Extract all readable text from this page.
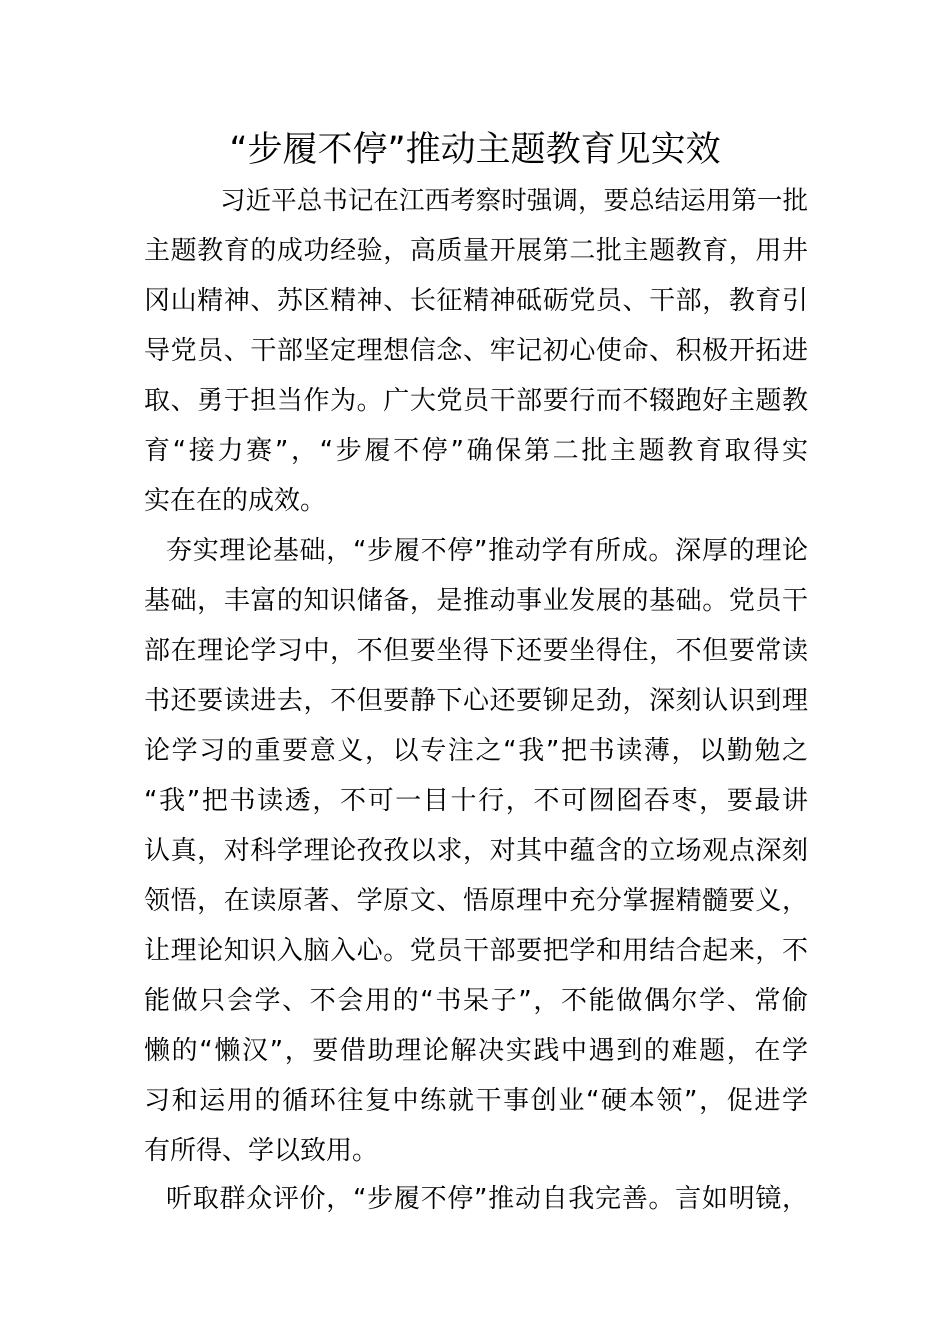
“步履不停”推动主题教育见实效
习近平总书记在江西考察时强调，要总结运用第一批
主题教育的成功经验，高质量开展第二批主题教育，用井
冈山精神、苏区精神、长征精神砥砺党员、干部，教育引
导党员、干部坚定理想信念、牢记初心使命、积极开拓进
取、勇于担当作为。广大党员干部要行而不辍跑好主题教
育“接力赛”，“步履不停”确保第二批主题教育取得实
实在在的成效。
夯实理论基础，“步履不停”推动学有所成。深厚的理论
基础，丰富的知识储备，是推动事业发展的基础。党员干
部在理论学习中，不但要坐得下还要坐得住，不但要常读
书还要读进去，不但要静下心还要铆足劲，深刻认识到理
论学习的重要意义，以专注之“我”把书读薄，以勤勉之
“我”把书读透，不可一目十行，不可囫囵吞枣，要最讲
认真，对科学理论孜孜以求，对其中蕴含的立场观点深刻
领悟，在读原著、学原文、悟原理中充分掌握精髓要义，
让理论知识入脑入心。党员干部要把学和用结合起来，不
能做只会学、不会用的“书呆子”，不能做偶尔学、常偷
懒的“懒汉”，要借助理论解决实践中遇到的难题，在学
习和运用的循环往复中练就干事创业“硬本领”，促进学
有所得、学以致用。
听取群众评价，“步履不停”推动自我完善。言如明镜，
